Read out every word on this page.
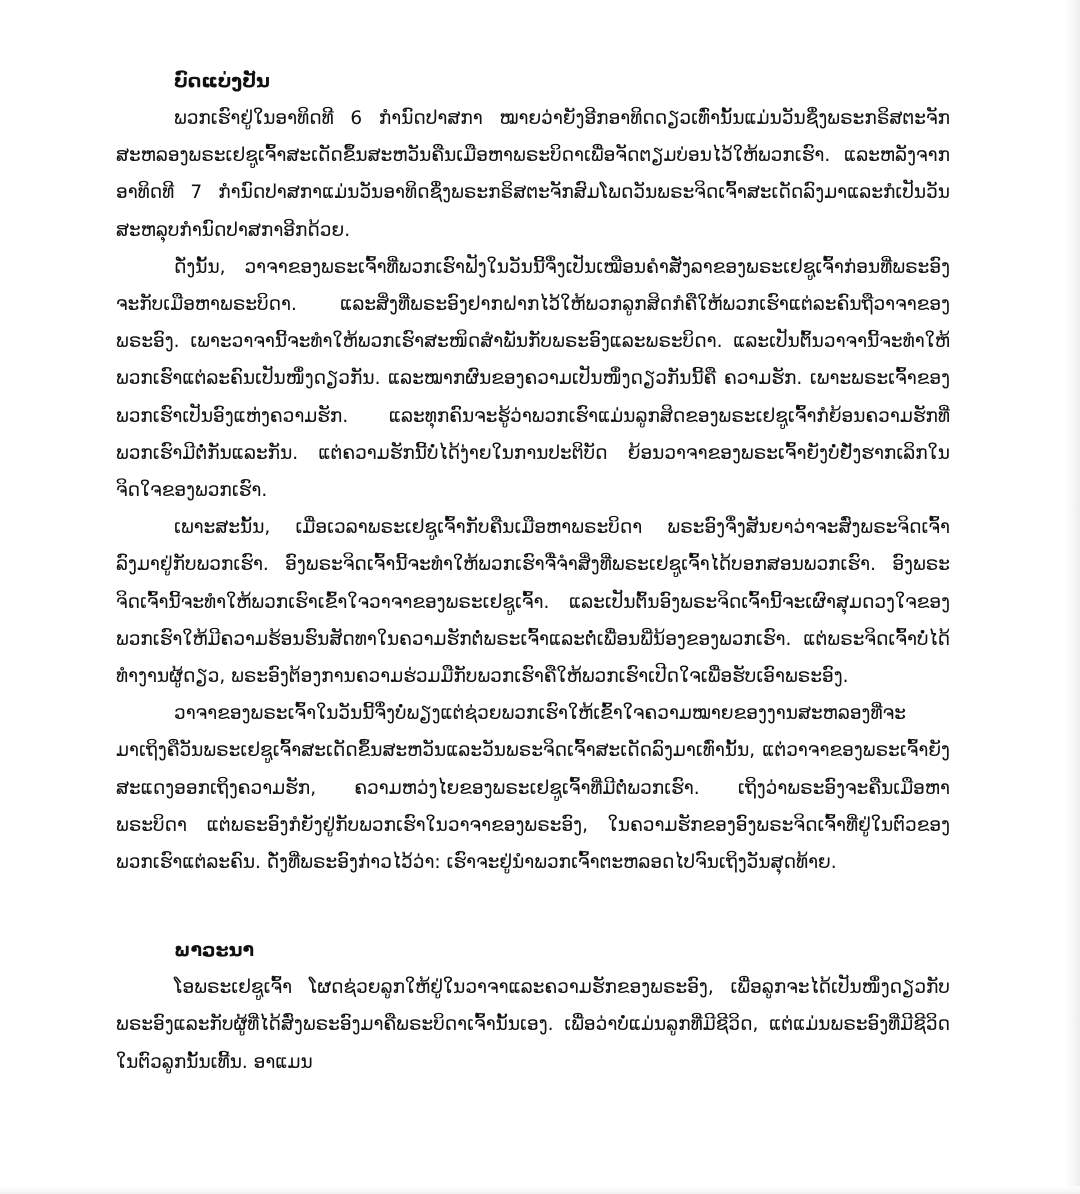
ບົດແບ່ງປັນ

ພວກເຮົາຢູ່ໃນອາທິດທີ 6 ກໍານົດປາສກາ ໝາຍວ່າຍັງອີກອາທິດດຽວເທົ່ານັ້ນແມ່ນວັນຊຶ່ງພຣະກຣິສຕະຈັກສະຫລອງພຣະເຢຊູເຈົ້າສະເດັດຂຶ້ນສະຫວັນຄືນເມືອຫາພຣະບິດາເພື່ອຈັດຕຽມບ່ອນໄວ້ໃຫ້ພວກເຮົາ. ແລະຫລັງຈາກອາທິດທີ 7 ກໍານົດປາສກາແມ່ນວັນອາທິດຊຶ່ງພຣະກຣິສຕະຈັກສົມໂພດວັນພຣະຈິດເຈົ້າສະເດັດລົງມາແລະກໍເປັນວັນສະຫລຸບກໍານົດປາສກາອີກດ້ວຍ.

ດັ່ງນັ້ນ, ວາຈາຂອງພຣະເຈົ້າທີ່ພວກເຮົາຟັງໃນວັນນີ້ຈຶ່ງເປັນເໝືອນຄໍາສັ່ງລາຂອງພຣະເຢຊູເຈົ້າກ່ອນທີ່ພຣະອົງຈະກັບເມືອຫາພຣະບິດາ. ແລະສິ່ງທີ່ພຣະອົງຢາກຝາກໄວ້ໃຫ້ພວກລູກສິດກໍຄືໃຫ້ພວກເຮົາແຕ່ລະຄົນຖືວາຈາຂອງພຣະອົງ. ເພາະວາຈານີ້ຈະທໍາໃຫ້ພວກເຮົາສະໜິດສໍາພັນກັບພຣະອົງແລະພຣະບິດາ. ແລະເປັນຕົ້ນວາຈານີ້ຈະທໍາໃຫ້ພວກເຮົາແຕ່ລະຄົນເປັນໜຶ່ງດຽວກັນ. ແລະໝາກຜົນຂອງຄວາມເປັນໜຶ່ງດຽວກັນນີ້ຄື ຄວາມຮັກ. ເພາະພຣະເຈົ້າຂອງພວກເຮົາເປັນອົງແຫ່ງຄວາມຮັກ. ແລະທຸກຄົນຈະຮູ້ວ່າພວກເຮົາແມ່ນລູກສິດຂອງພຣະເຢຊູເຈົ້າກໍຍ້ອນຄວາມຮັກທີ່ພວກເຮົາມີຕໍ່ກັນແລະກັນ. ແຕ່ຄວາມຮັກນີ້ບໍ່ໄດ້ງ່າຍໃນການປະຕິບັດ ຍ້ອນວາຈາຂອງພຣະເຈົ້າຍັງບໍ່ຢັ່ງຮາກເລິກໃນຈິດໃຈຂອງພວກເຮົາ.

ເພາະສະນັ້ນ, ເມື່ອເວລາພຣະເຢຊູເຈົ້າກັບຄືນເມືອຫາພຣະບິດາ ພຣະອົງຈຶ່ງສັນຍາວ່າຈະສົ່ງພຣະຈິດເຈົ້າລົງມາຢູ່ກັບພວກເຮົາ. ອົງພຣະຈິດເຈົ້ານີ້ຈະທໍາໃຫ້ພວກເຮົາຈື່ຈໍາສິ່ງທີ່ພຣະເຢຊູເຈົ້າໄດ້ບອກສອນພວກເຮົາ. ອົງພຣະຈິດເຈົ້ານີ້ຈະທໍາໃຫ້ພວກເຮົາເຂົ້າໃຈວາຈາຂອງພຣະເຢຊູເຈົ້າ. ແລະເປັນຕົ້ນອົງພຣະຈິດເຈົ້ານີ້ຈະເຜົາສຸມດວງໃຈຂອງພວກເຮົາໃຫ້ມີຄວາມຮ້ອນຮົນສັດທາໃນຄວາມຮັກຕໍ່ພຣະເຈົ້າແລະຕໍ່ເພື່ອນພີ່ນ້ອງຂອງພວກເຮົາ. ແຕ່ພຣະຈິດເຈົ້າບໍ່ໄດ້ທໍາງານຜູ້ດຽວ, ພຣະອົງຕ້ອງການຄວາມຮ່ວມມືກັບພວກເຮົາຄືໃຫ້ພວກເຮົາເປີດໃຈເພື່ອຮັບເອົາພຣະອົງ.

ວາຈາຂອງພຣະເຈົ້າໃນວັນນີ້ຈຶ່ງບໍ່ພຽງແຕ່ຊ່ວຍພວກເຮົາໃຫ້ເຂົ້າໃຈຄວາມໝາຍຂອງງານສະຫລອງທີ່ຈະມາເຖິງຄືວັນພຣະເຢຊູເຈົ້າສະເດັດຂຶ້ນສະຫວັນແລະວັນພຣະຈິດເຈົ້າສະເດັດລົງມາເທົ່ານັ້ນ, ແຕ່ວາຈາຂອງພຣະເຈົ້າຍັງສະແດງອອກເຖິງຄວາມຮັກ, ຄວາມຫວ່ງໄຍຂອງພຣະເຢຊູເຈົ້າທີ່ມີຕໍ່ພວກເຮົາ. ເຖິງວ່າພຣະອົງຈະຄືນເມືອຫາພຣະບິດາ ແຕ່ພຣະອົງກໍຍັງຢູ່ກັບພວກເຮົາໃນວາຈາຂອງພຣະອົງ, ໃນຄວາມຮັກຂອງອົງພຣະຈິດເຈົ້າທີ່ຢູ່ໃນຕົວຂອງພວກເຮົາແຕ່ລະຄົນ. ດັ່ງທີ່ພຣະອົງກ່າວໄວ້ວ່າ: ເຮົາຈະຢູ່ນໍາພວກເຈົ້າຕະຫລອດໄປຈົນເຖິງວັນສຸດທ້າຍ.

ພາວະນາ

ໂອພຣະເຢຊູເຈົ້າ ໂຜດຊ່ວຍລູກໃຫ້ຢູ່ໃນວາຈາແລະຄວາມຮັກຂອງພຣະອົງ, ເພື່ອລູກຈະໄດ້ເປັນໜຶ່ງດຽວກັບພຣະອົງແລະກັບຜູ້ທີ່ໄດ້ສົ່ງພຣະອົງມາຄືພຣະບິດາເຈົ້ານັ້ນເອງ. ເພື່ອວ່າບໍ່ແມ່ນລູກທີ່ມີຊີວິດ, ແຕ່ແມ່ນພຣະອົງທີ່ມີຊີວິດໃນຕົວລູກນັ້ນເທີ້ນ. ອາແມນ
